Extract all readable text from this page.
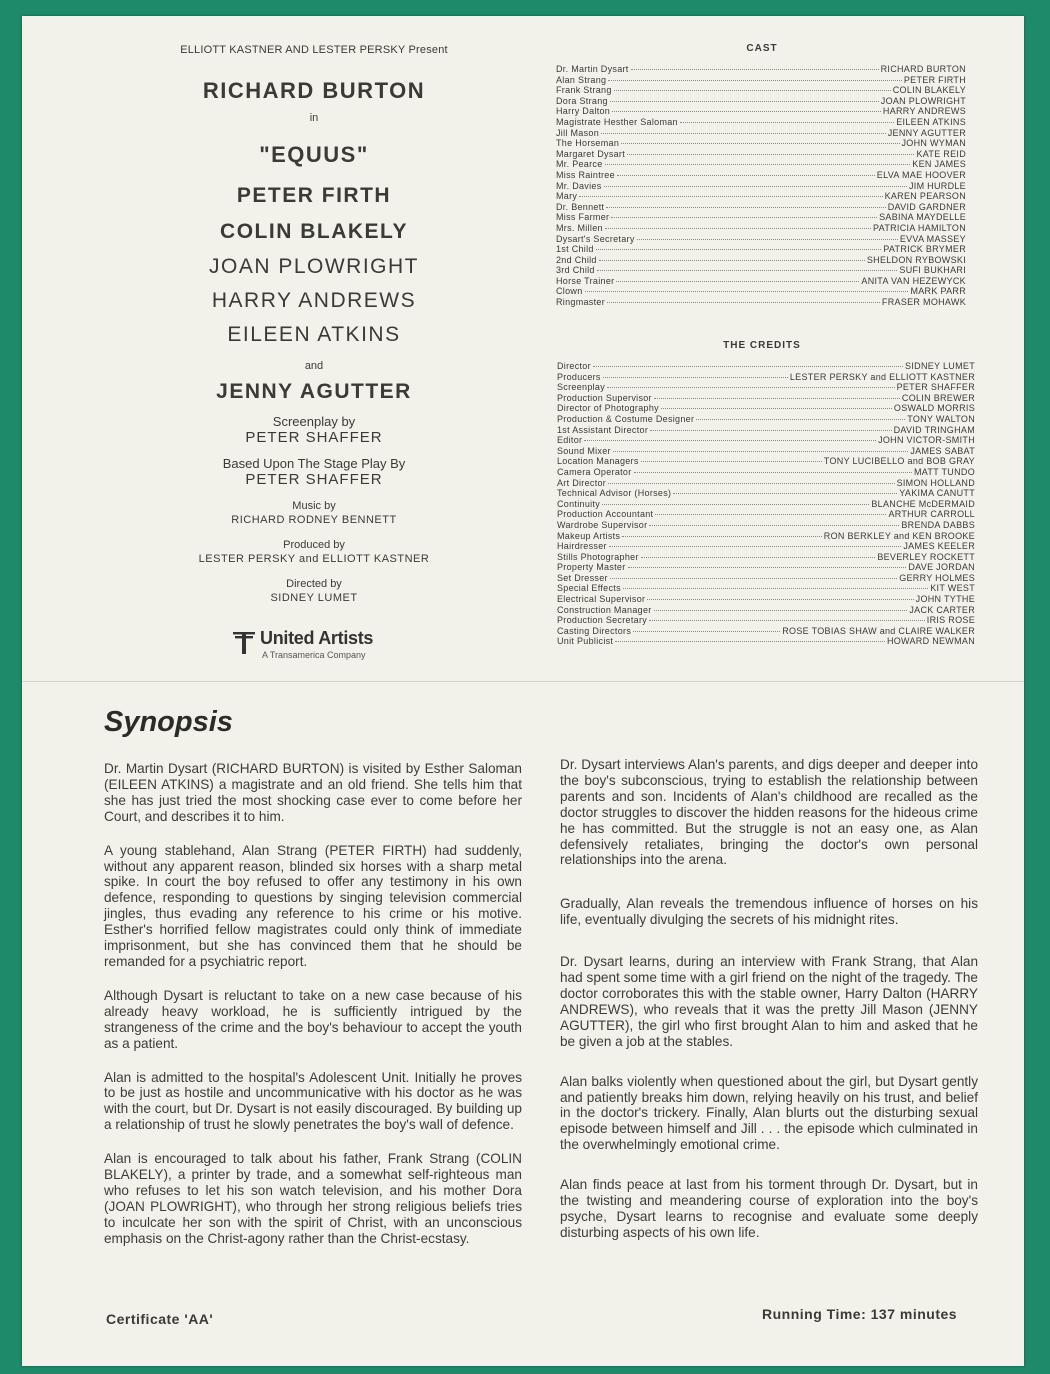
ELLIOTT KASTNER AND LESTER PERSKY Present
RICHARD BURTON
in
"EQUUS"
PETER FIRTH
COLIN BLAKELY
JOAN PLOWRIGHT
HARRY ANDREWS
EILEEN ATKINS
and
JENNY AGUTTER
Screenplay by
PETER SHAFFER
Based Upon The Stage Play By
PETER SHAFFER
Music by
RICHARD RODNEY BENNETT
Produced by
LESTER PERSKY and ELLIOTT KASTNER
Directed by
SIDNEY LUMET
United Artists
A Transamerica Company
CAST
Dr. Martin Dysart	RICHARD BURTON
Alan Strang	PETER FIRTH
Frank Strang	COLIN BLAKELY
Dora Strang	JOAN PLOWRIGHT
Harry Dalton	HARRY ANDREWS
Magistrate Hesther Saloman	EILEEN ATKINS
Jill Mason	JENNY AGUTTER
The Horseman	JOHN WYMAN
Margaret Dysart	KATE REID
Mr. Pearce	KEN JAMES
Miss Raintree	ELVA MAE HOOVER
Mr. Davies	JIM HURDLE
Mary	KAREN PEARSON
Dr. Bennett	DAVID GARDNER
Miss Farmer	SABINA MAYDELLE
Mrs. Millen	PATRICIA HAMILTON
Dysart's Secretary	EVVA MASSEY
1st Child	PATRICK BRYMER
2nd Child	SHELDON RYBOWSKI
3rd Child	SUFI BUKHARI
Horse Trainer	ANITA VAN HEZEWYCK
Clown	MARK PARR
Ringmaster	FRASER MOHAWK
THE CREDITS
Director	SIDNEY LUMET
Producers	LESTER PERSKY and ELLIOTT KASTNER
Screenplay	PETER SHAFFER
Production Supervisor	COLIN BREWER
Director of Photography	OSWALD MORRIS
Production & Costume Designer	TONY WALTON
1st Assistant Director	DAVID TRINGHAM
Editor	JOHN VICTOR-SMITH
Sound Mixer	JAMES SABAT
Location Managers	TONY LUCIBELLO and BOB GRAY
Camera Operator	MATT TUNDO
Art Director	SIMON HOLLAND
Technical Advisor (Horses)	YAKIMA CANUTT
Continuity	BLANCHE McDERMAID
Production Accountant	ARTHUR CARROLL
Wardrobe Supervisor	BRENDA DABBS
Makeup Artists	RON BERKLEY and KEN BROOKE
Hairdresser	JAMES KEELER
Stills Photographer	BEVERLEY ROCKETT
Property Master	DAVE JORDAN
Set Dresser	GERRY HOLMES
Special Effects	KIT WEST
Electrical Supervisor	JOHN TYTHE
Construction Manager	JACK CARTER
Production Secretary	IRIS ROSE
Casting Directors	ROSE TOBIAS SHAW and CLAIRE WALKER
Unit Publicist	HOWARD NEWMAN
Synopsis

Dr. Martin Dysart (RICHARD BURTON) is visited by Esther Saloman (EILEEN ATKINS) a magistrate and an old friend. She tells him that she has just tried the most shocking case ever to come before her Court, and describes it to him.

A young stablehand, Alan Strang (PETER FIRTH) had suddenly, without any apparent reason, blinded six horses with a sharp metal spike. In court the boy refused to offer any testimony in his own defence, responding to questions by singing television commercial jingles, thus evading any reference to his crime or his motive. Esther's horrified fellow magistrates could only think of immediate imprisonment, but she has convinced them that he should be remanded for a psychiatric report.

Although Dysart is reluctant to take on a new case because of his already heavy workload, he is sufficiently intrigued by the strangeness of the crime and the boy's behaviour to accept the youth as a patient.

Alan is admitted to the hospital's Adolescent Unit. Initially he proves to be just as hostile and uncommunicative with his doctor as he was with the court, but Dr. Dysart is not easily discouraged. By building up a relationship of trust he slowly penetrates the boy's wall of defence.

Alan is encouraged to talk about his father, Frank Strang (COLIN BLAKELY), a printer by trade, and a somewhat self-righteous man who refuses to let his son watch television, and his mother Dora (JOAN PLOWRIGHT), who through her strong religious beliefs tries to inculcate her son with the spirit of Christ, with an unconscious emphasis on the Christ-agony rather than the Christ-ecstasy.

Dr. Dysart interviews Alan's parents, and digs deeper and deeper into the boy's subconscious, trying to establish the relationship between parents and son. Incidents of Alan's childhood are recalled as the doctor struggles to discover the hidden reasons for the hideous crime he has committed. But the struggle is not an easy one, as Alan defensively retaliates, bringing the doctor's own personal relationships into the arena.

Gradually, Alan reveals the tremendous influence of horses on his life, eventually divulging the secrets of his midnight rites.

Dr. Dysart learns, during an interview with Frank Strang, that Alan had spent some time with a girl friend on the night of the tragedy. The doctor corroborates this with the stable owner, Harry Dalton (HARRY ANDREWS), who reveals that it was the pretty Jill Mason (JENNY AGUTTER), the girl who first brought Alan to him and asked that he be given a job at the stables.

Alan balks violently when questioned about the girl, but Dysart gently and patiently breaks him down, relying heavily on his trust, and belief in the doctor's trickery. Finally, Alan blurts out the disturbing sexual episode between himself and Jill . . . the episode which culminated in the overwhelmingly emotional crime.

Alan finds peace at last from his torment through Dr. Dysart, but in the twisting and meandering course of exploration into the boy's psyche, Dysart learns to recognise and evaluate some deeply disturbing aspects of his own life.

Certificate 'AA'	Running Time: 137 minutes
